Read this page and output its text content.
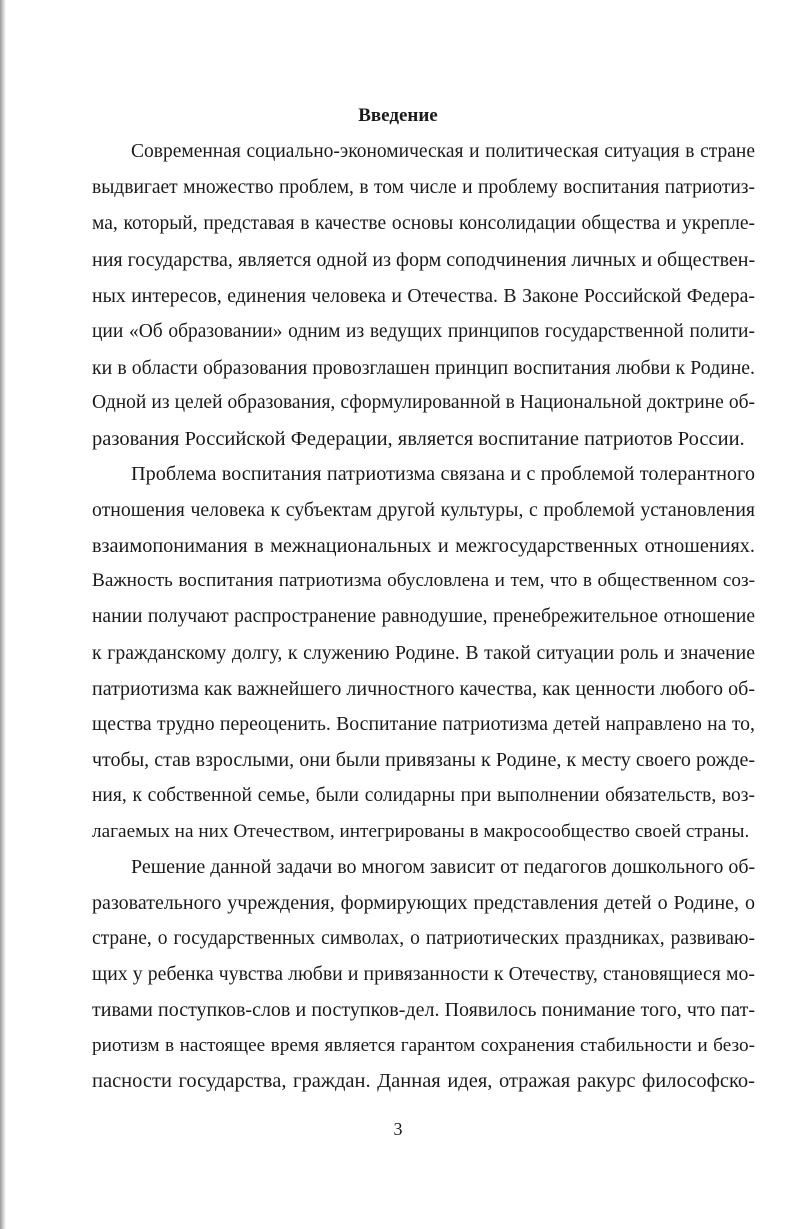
Введение
Современная социально-экономическая и политическая ситуация в стране
выдвигает множество проблем, в том числе и проблему воспитания патриотиз-
ма, который, представая в качестве основы консолидации общества и укрепле-
ния государства, является одной из форм соподчинения личных и обществен-
ных интересов, единения человека и Отечества. В Законе Российской Федера-
ции «Об образовании» одним из ведущих принципов государственной полити-
ки в области образования провозглашен принцип воспитания любви к Родине.
Одной из целей образования, сформулированной в Национальной доктрине об-
разования Российской Федерации, является воспитание патриотов России.
Проблема воспитания патриотизма связана и с проблемой толерантного
отношения человека к субъектам другой культуры, с проблемой установления
взаимопонимания в межнациональных и межгосударственных отношениях.
Важность воспитания патриотизма обусловлена и тем, что в общественном соз-
нании получают распространение равнодушие, пренебрежительное отношение
к гражданскому долгу, к служению Родине. В такой ситуации роль и значение
патриотизма как важнейшего личностного качества, как ценности любого об-
щества трудно переоценить. Воспитание патриотизма детей направлено на то,
чтобы, став взрослыми, они были привязаны к Родине, к месту своего рожде-
ния, к собственной семье, были солидарны при выполнении обязательств, воз-
лагаемых на них Отечеством, интегрированы в макросообщество своей страны.
Решение данной задачи во многом зависит от педагогов дошкольного об-
разовательного учреждения, формирующих представления детей о Родине, о
стране, о государственных символах, о патриотических праздниках, развиваю-
щих у ребенка чувства любви и привязанности к Отечеству, становящиеся мо-
тивами поступков-слов и поступков-дел. Появилось понимание того, что пат-
риотизм в настоящее время является гарантом сохранения стабильности и безо-
пасности государства, граждан. Данная идея, отражая ракурс философско-
3
